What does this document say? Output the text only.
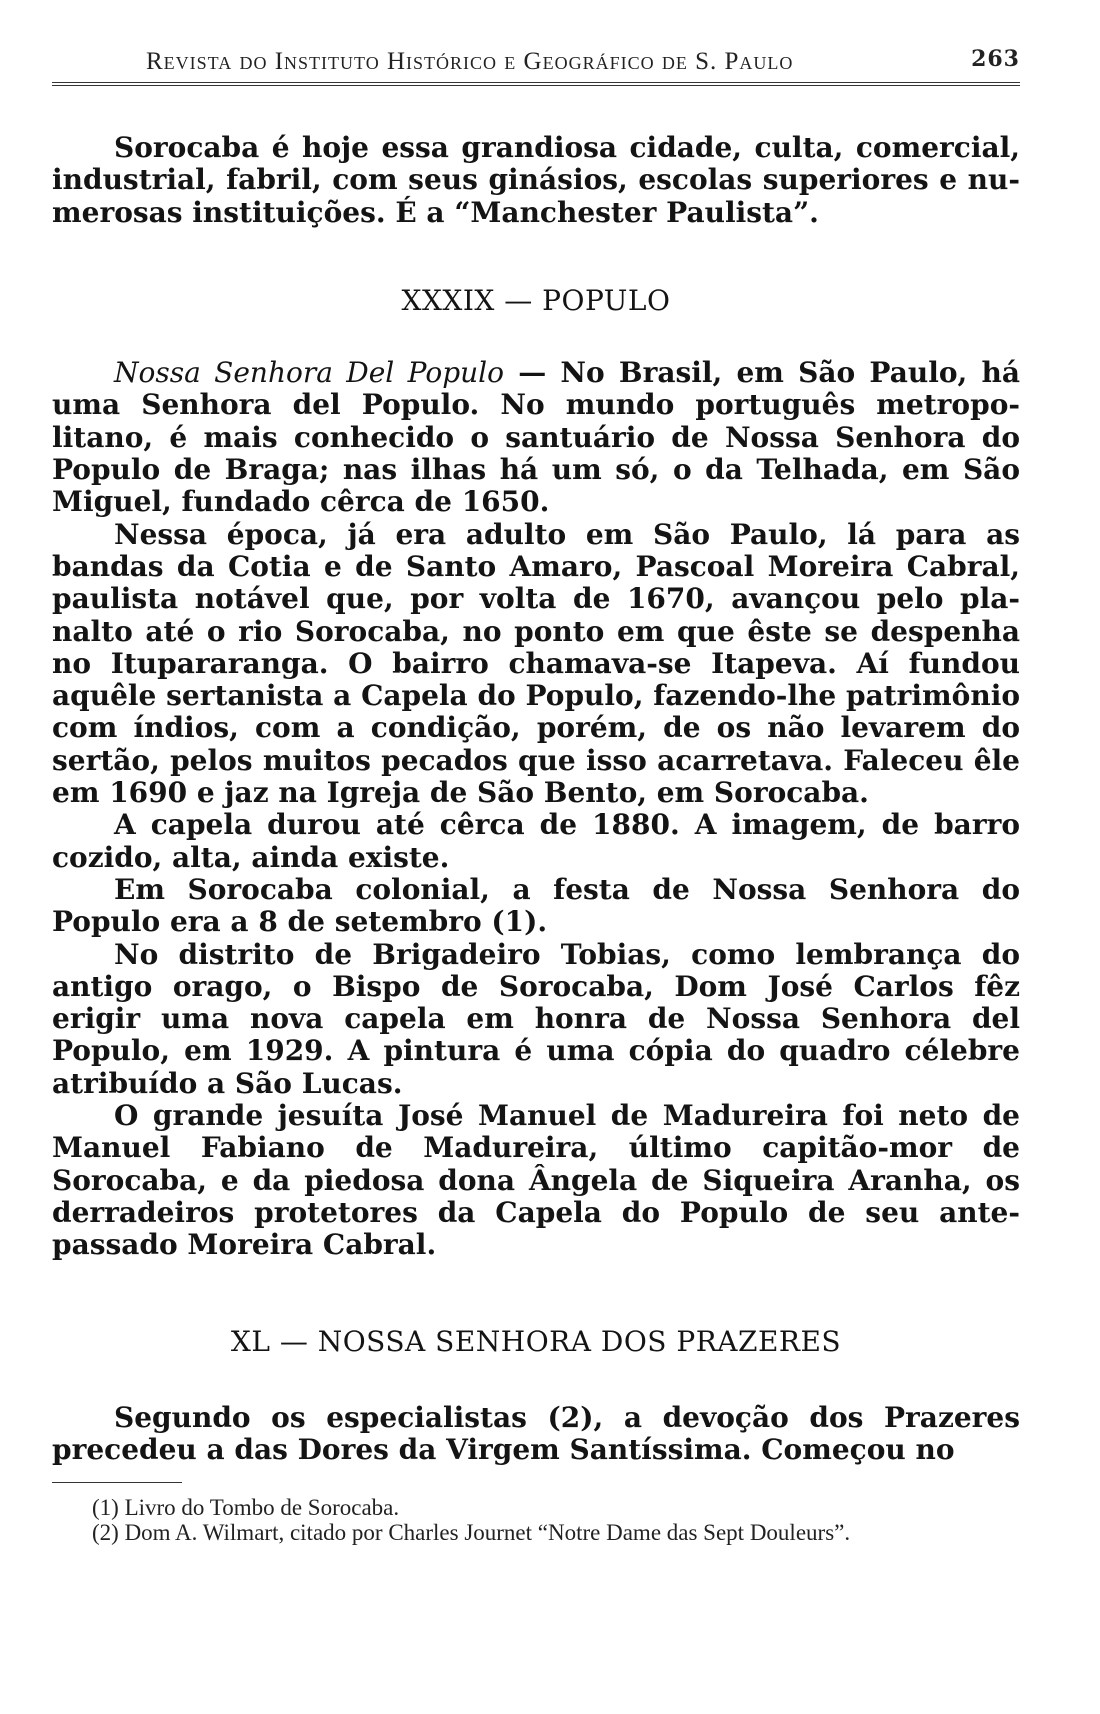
Revista do Instituto Histórico e Geográfico de S. Paulo	263

Sorocaba é hoje essa grandiosa cidade, culta, comercial, industrial, fabril, com seus ginásios, escolas superiores e numerosas instituições. É a “Manchester Paulista”.

XXXIX — POPULO

Nossa Senhora Del Populo — No Brasil, em São Paulo, há uma Senhora del Populo. No mundo português metropolitano, é mais conhecido o santuário de Nossa Senhora do Populo de Braga; nas ilhas há um só, o da Telhada, em São Miguel, fundado cêrca de 1650.

Nessa época, já era adulto em São Paulo, lá para as bandas da Cotia e de Santo Amaro, Pascoal Moreira Cabral, paulista notável que, por volta de 1670, avançou pelo planalto até o rio Sorocaba, no ponto em que êste se despenha no Itupararanga. O bairro chamava-se Itapeva. Aí fundou aquêle sertanista a Capela do Populo, fazendo-lhe patrimônio com índios, com a condição, porém, de os não levarem do sertão, pelos muitos pecados que isso acarretava. Faleceu êle em 1690 e jaz na Igreja de São Bento, em Sorocaba.

A capela durou até cêrca de 1880. A imagem, de barro cozido, alta, ainda existe.

Em Sorocaba colonial, a festa de Nossa Senhora do Populo era a 8 de setembro (1).

No distrito de Brigadeiro Tobias, como lembrança do antigo orago, o Bispo de Sorocaba, Dom José Carlos fêz erigir uma nova capela em honra de Nossa Senhora del Populo, em 1929. A pintura é uma cópia do quadro célebre atribuído a São Lucas.

O grande jesuíta José Manuel de Madureira foi neto de Manuel Fabiano de Madureira, último capitão-mor de Sorocaba, e da piedosa dona Ângela de Siqueira Aranha, os derradeiros protetores da Capela do Populo de seu antepassado Moreira Cabral.

XL — NOSSA SENHORA DOS PRAZERES

Segundo os especialistas (2), a devoção dos Prazeres precedeu a das Dores da Virgem Santíssima. Começou no

(1) Livro do Tombo de Sorocaba.

(2) Dom A. Wilmart, citado por Charles Journet “Notre Dame das Sept Douleurs”.
